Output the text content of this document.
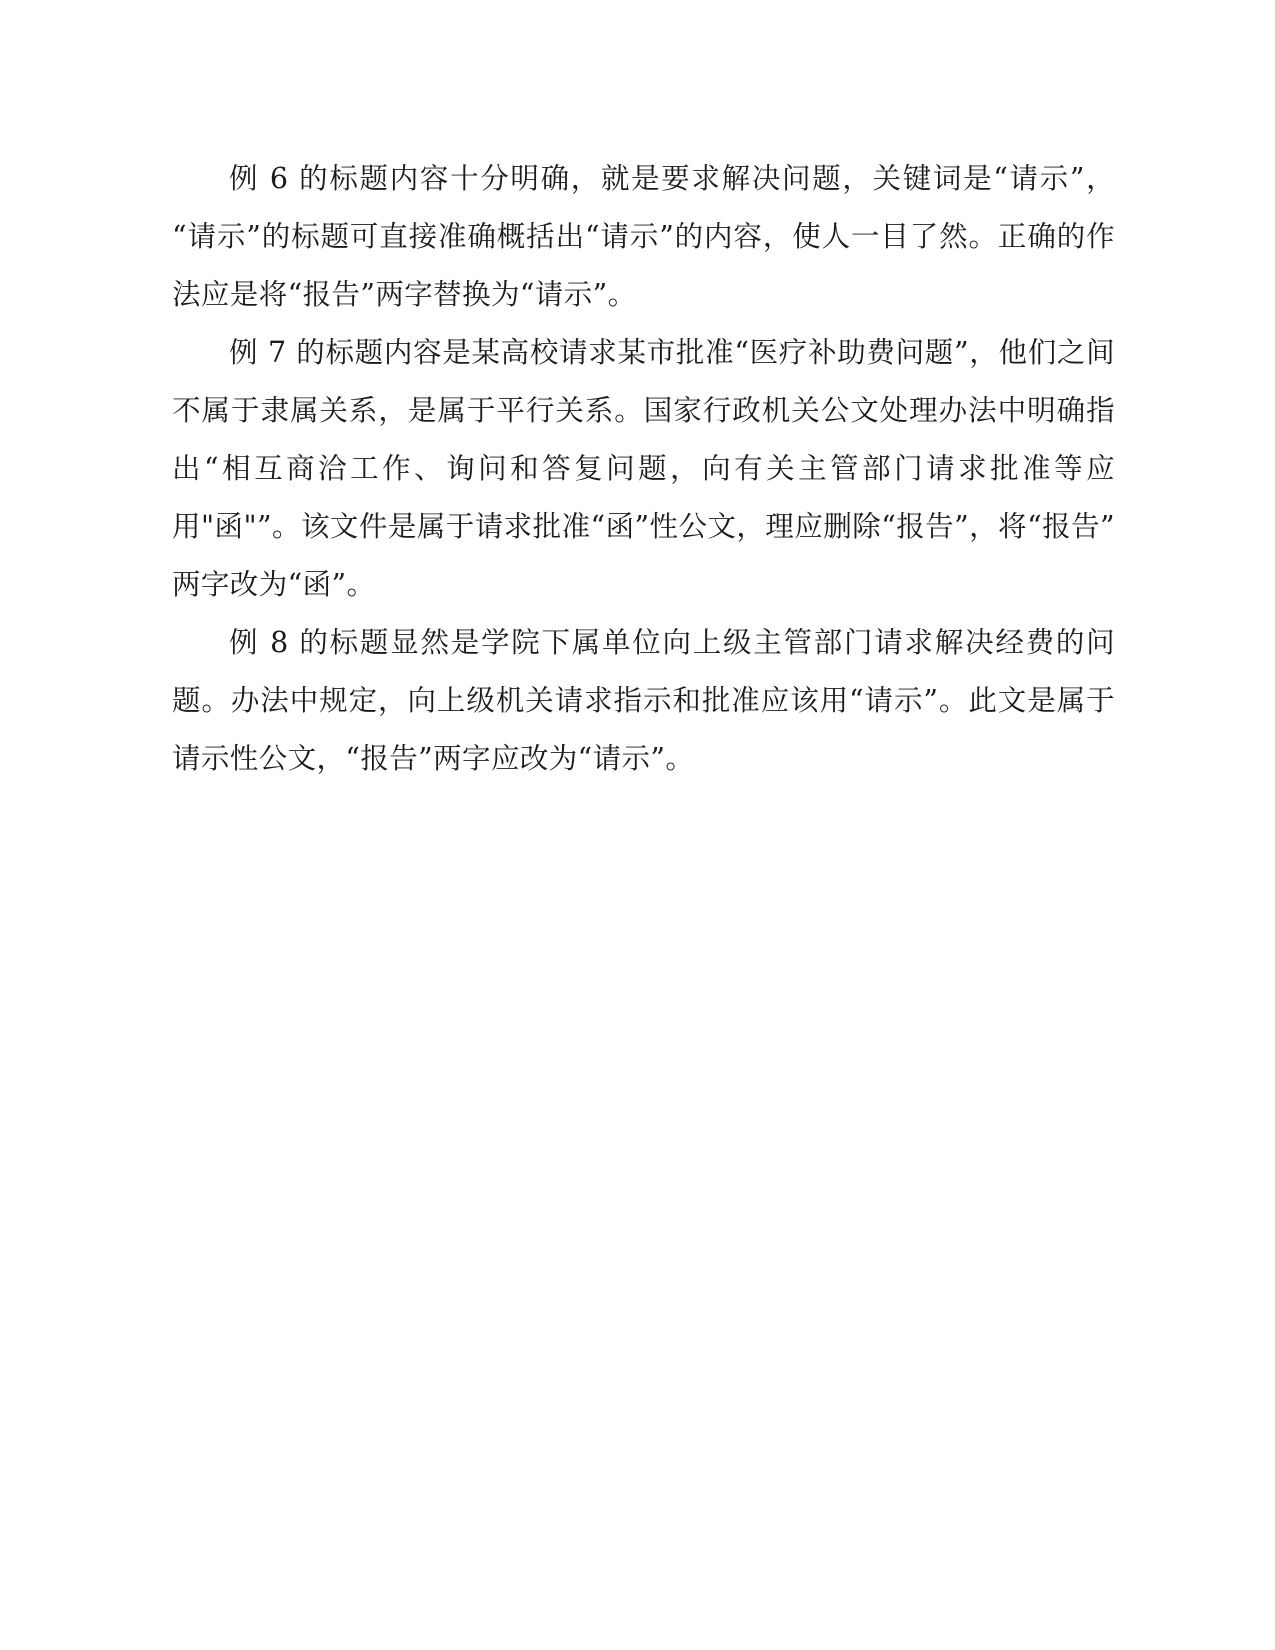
例 6 的标题内容十分明确，就是要求解决问题，关键词是“请示”，“请示”的标题可直接准确概括出“请示”的内容，使人一目了然。正确的作法应是将“报告”两字替换为“请示”。

例 7 的标题内容是某高校请求某市批准“医疗补助费问题”，他们之间不属于隶属关系，是属于平行关系。国家行政机关公文处理办法中明确指出“相互商洽工作、询问和答复问题，向有关主管部门请求批准等应用"函"”。该文件是属于请求批准“函”性公文，理应删除“报告”，将“报告”两字改为“函”。

例 8 的标题显然是学院下属单位向上级主管部门请求解决经费的问题。办法中规定，向上级机关请求指示和批准应该用“请示”。此文是属于请示性公文，“报告”两字应改为“请示”。
